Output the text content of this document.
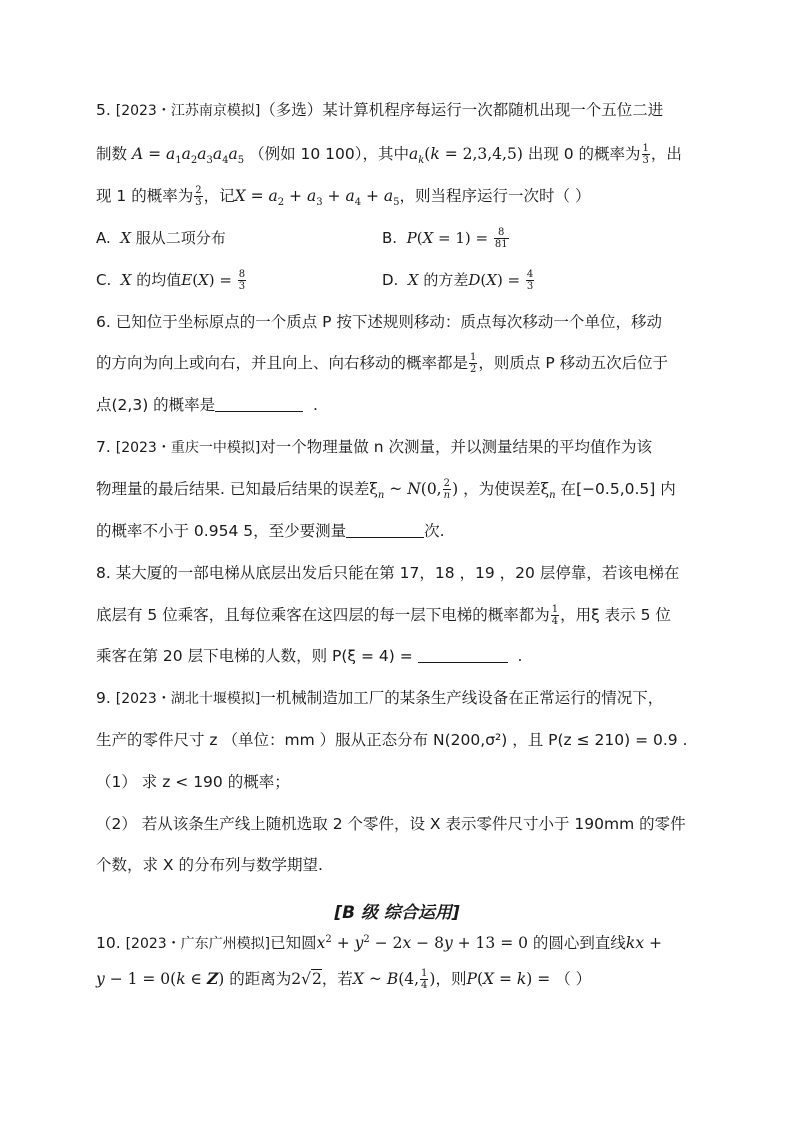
5. [2023・江苏南京模拟]（多选）某计算机程序每运行一次都随机出现一个五位二进
制数 $A = a_1a_2a_3a_4a_5$ （例如 10 100），其中$a_k(k = 2,3,4,5)$ 出现 0 的概率为 $\frac{1}{3}$ ，出
现 1 的概率为 $\frac{2}{3}$ ，记$X = a_2 + a_3 + a_4 + a_5$，则当程序运行一次时（ ）
A. X 服从二项分布	B. $P(X = 1) = \frac{8}{81}$
C. X 的均值$E(X) = \frac{8}{3}$	D. X 的方差$D(X) = \frac{4}{3}$
6. 已知位于坐标原点的一个质点 P 按下述规则移动：质点每次移动一个单位，移动
的方向为向上或向右，并且向上、向右移动的概率都是 $\frac{1}{2}$ ，则质点 P 移动五次后位于
点(2,3) 的概率是	.
7. [2023・重庆一中模拟]对一个物理量做 n 次测量，并以测量结果的平均值作为该
物理量的最后结果. 已知最后结果的误差$\xi_n$ ~ N(0, $\frac{2}{n}$ ) ，为使误差$\xi_n$ 在[−0.5,0.5] 内
的概率不小于 0.954 5，至少要测量	次.
8. 某大厦的一部电梯从底层出发后只能在第 17，18 ，19 ，20 层停靠，若该电梯在
底层有 5 位乘客，且每位乘客在这四层的每一层下电梯的概率都为 $\frac{1}{4}$ ，用ξ 表示 5 位
乘客在第 20 层下电梯的人数，则 P(ξ = 4) =	.
9. [2023・湖北十堰模拟]一机械制造加工厂的某条生产线设备在正常运行的情况下，
生产的零件尺寸 z （单位：mm ）服从正态分布 N(200,σ²) ，且 P(z ≤ 210) = 0.9 .
（1） 求 z < 190 的概率；
（2） 若从该条生产线上随机选取 2 个零件，设 X 表示零件尺寸小于 190mm 的零件
个数，求 X 的分布列与数学期望.
[B 级 综合运用]
10. [2023・广东广州模拟]已知圆$x^2 + y^2 - 2x - 8y + 13 = 0$ 的圆心到直线kx +
y − 1 = 0(k ∈ Z) 的距离为2√2，若X ~ B(4, $\frac{1}{4}$ )，则P(X = k) = （ ）
